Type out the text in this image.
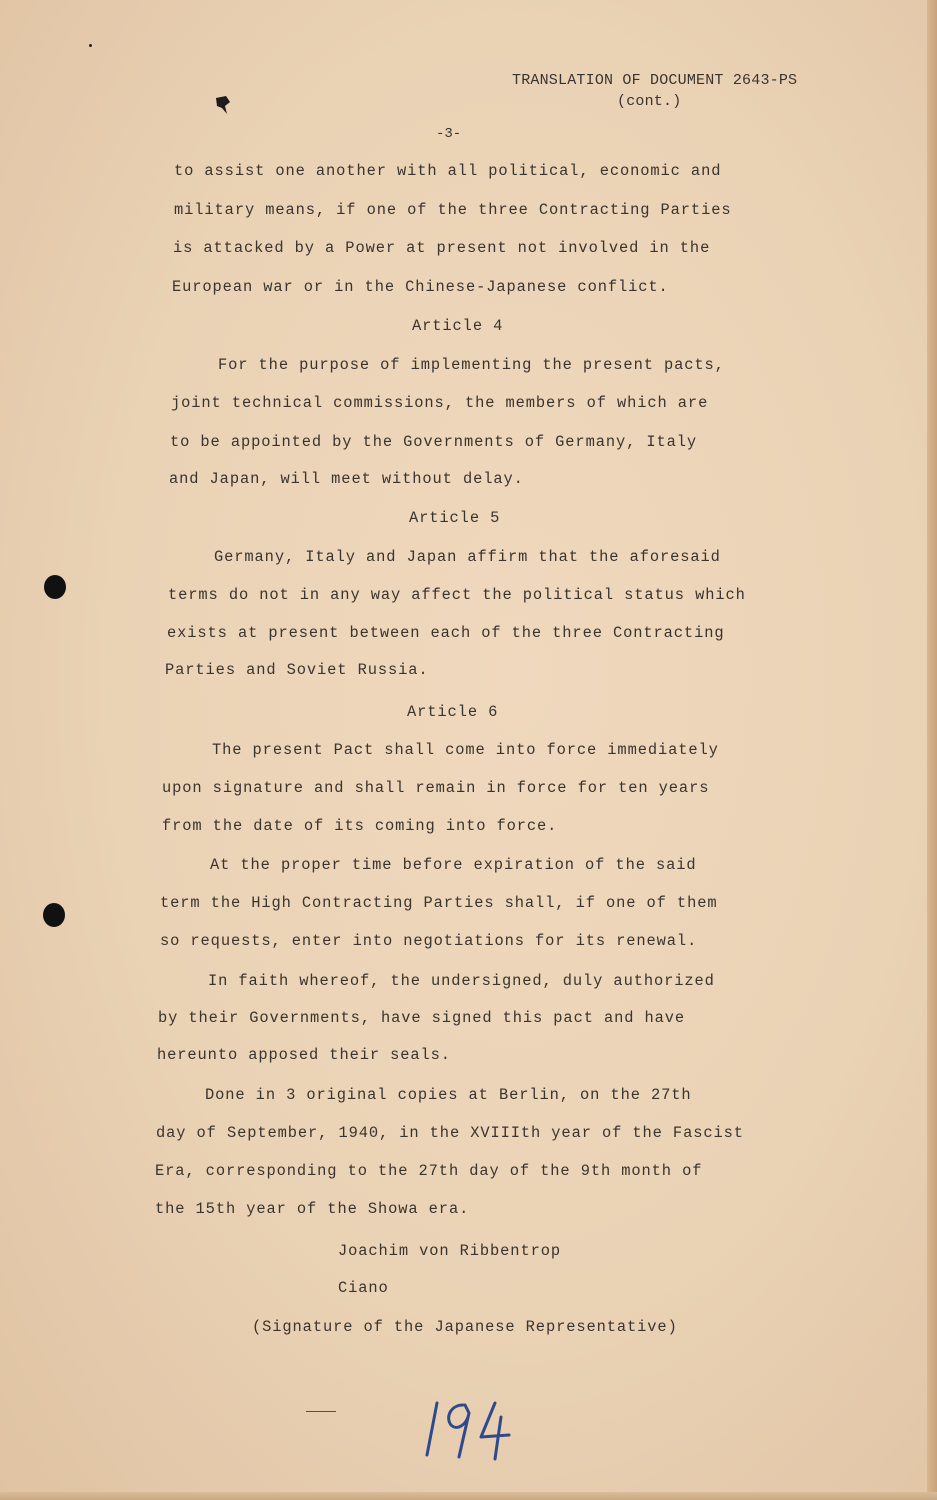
TRANSLATION OF DOCUMENT 2643-PS
(cont.)
-3-
to assist one another with all political, economic and
military means, if one of the three Contracting Parties
is attacked by a Power at present not involved in the
European war or in the Chinese-Japanese conflict.
Article 4
For the purpose of implementing the present pacts,
joint technical commissions, the members of which are
to be appointed by the Governments of Germany, Italy
and Japan, will meet without delay.
Article 5
Germany, Italy and Japan affirm that the aforesaid
terms do not in any way affect the political status which
exists at present between each of the three Contracting
Parties and Soviet Russia.
Article 6
The present Pact shall come into force immediately
upon signature and shall remain in force for ten years
from the date of its coming into force.
At the proper time before expiration of the said
term the High Contracting Parties shall, if one of them
so requests, enter into negotiations for its renewal.
In faith whereof, the undersigned, duly authorized
by their Governments, have signed this pact and have
hereunto apposed their seals.
Done in 3 original copies at Berlin, on the 27th
day of September, 1940, in the XVIIIth year of the Fascist
Era, corresponding to the 27th day of the 9th month of
the 15th year of the Showa era.
Joachim von Ribbentrop
Ciano
(Signature of the Japanese Representative)
